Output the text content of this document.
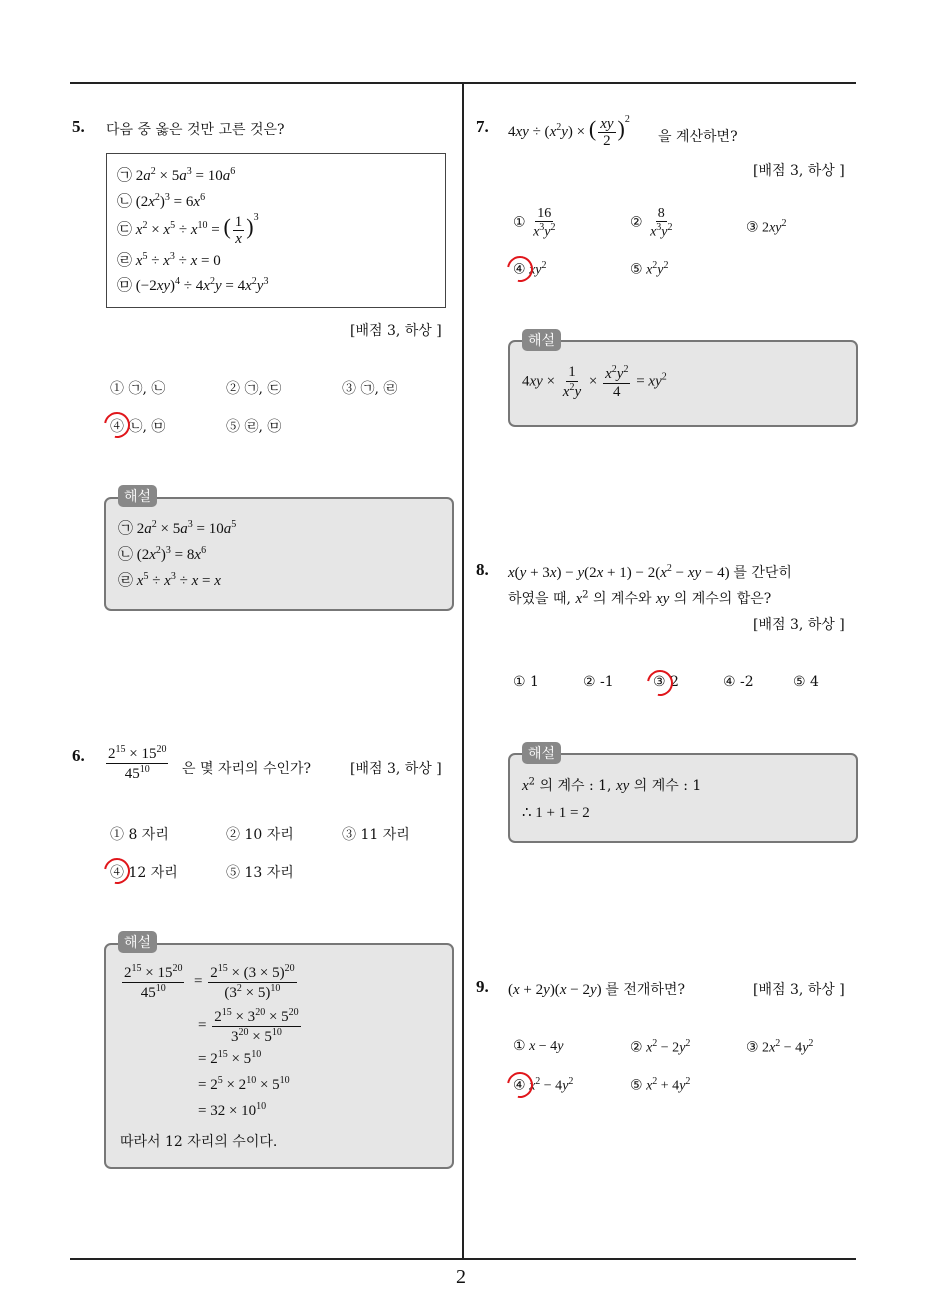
2
5. 다음 중 옳은 것만 고른 것은?
㉠ $2a^2 \times 5a^3 = 10a^6$
㉡ $(2x^2)^3 = 6x^6$
㉢ $x^2 \times x^5 \div x^{10}$ = ( $\frac{1}{x} )^3$
㉣ $x^5 \div x^3 \div x = 0$
㉤ $(-2xy)^4 \div 4x^2y = 4x^2y^3$
[배점 3, 하상 ]
① ㉠, ㉡	② ㉠, ㉢	③ ㉠, ㉣
④ ㉡, ㉤	⑤ ㉣, ㉤
㉠ $2a^2 \times 5a^3 = 10a^5$
㉡ $(2x^2)^3 = 8x^6$
㉣ $x^5 \div x^3 \div x = x$
해설
6. $\frac{2^{15} \times 15^{20}}{45^{10}}$ 은 몇 자리의 수인가?	[배점 3, 하상 ]
① 8 자리	② 10 자리	③ 11 자리
④ 12 자리	⑤ 13 자리
$\frac{2^{15} \times 15^{20}}{45^{10}} = \frac{2^{15} \times (3 \times 5)^{20}}{(3^2 \times 5)^{10}}$
= $\frac{2^{15} \times 3^{20} \times 5^{20}}{3^{20} \times 5^{10}}$
= $2^{15} \times 5^{10}$
= $2^5 \times 2^{10} \times 5^{10}$
= $32 \times 10^{10}$
따라서 12 자리의 수이다.
해설
7. $4xy \div (x^2y)$ × ( $\frac{xy}{2} )^2$
을 계산하면?
[배점 3, 하상 ]
① $\frac{16}{x^3y^2}$	② $\frac{8}{x^3y^2}$	③ $2xy^2$
④ $xy^2$	⑤ $x^2y^2$
$4xy \times \frac{1}{x^2y} \times \frac{x^2y^2}{4} = xy^2$
해설
8. $x(y + 3x) - y(2x + 1) - 2(x^2$ − xy − 4) 를 간단히
하였을 때, $x^2$ 의 계수와 xy 의 계수의 합은?
[배점 3, 하상 ]
① 1	② -1	③ 2	④ -2	⑤ 4
$x^2$ 의 계수 : 1, xy 의 계수 : 1
∴ 1 + 1 = 2
해설
9. (x + 2y)(x − 2y) 를 전개하면?	[배점 3, 하상 ]
① x − 4y	② $x^2 - 2y^2$	③ $2x^2 - 4y^2$
④ $x^2 - 4y^2$	⑤ $x^2 + 4y^2$
